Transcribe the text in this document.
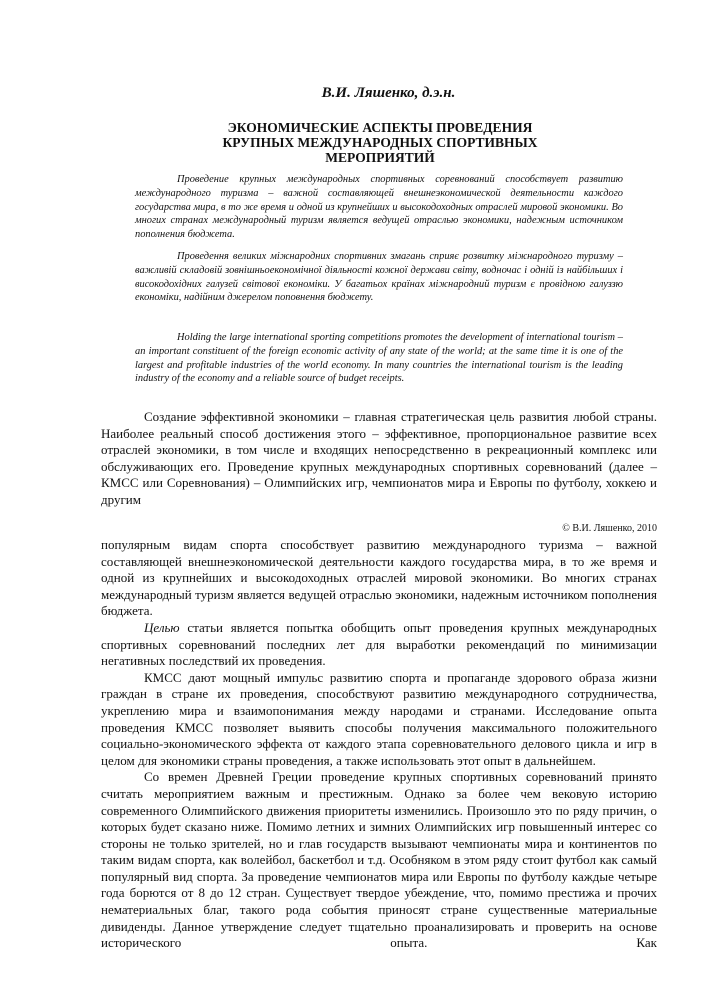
В.И. Ляшенко, д.э.н.
ЭКОНОМИЧЕСКИЕ АСПЕКТЫ ПРОВЕДЕНИЯ
КРУПНЫХ МЕЖДУНАРОДНЫХ СПОРТИВНЫХ
МЕРОПРИЯТИЙ

Проведение крупных международных спортивных соревнований способствует развитию международного туризма – важной составляющей внешнеэкономической деятельности каждого государства мира, в то же время и одной из крупнейших и высокодоходных отраслей мировой экономики. Во многих странах международный туризм является ведущей отраслью экономики, надежным источником пополнения бюджета.

Проведення великих міжнародних спортивних змагань сприяє розвитку міжнародного туризму – важливій складовій зовнішньоекономічної діяльності кожної держави світу, водночас і одній із найбільших і високодохідних галузей світової економіки. У багатьох країнах міжнародний туризм є провідною галуззю економіки, надійним джерелом поповнення бюджету.

Holding the large international sporting competitions promotes the development of international tourism – an important constituent of the foreign economic activity of any state of the world; at the same time it is one of the largest and profitable industries of the world economy. In many countries the international tourism is the leading industry of the economy and a reliable source of budget receipts.

Создание эффективной экономики – главная стратегическая цель развития любой страны. Наиболее реальный способ достижения этого – эффективное, пропорциональное развитие всех отраслей экономики, в том числе и входящих непосредственно в рекреационный комплекс или обслуживающих его. Проведение крупных международных спортивных соревнований (далее – КМСС или Соревнования) – Олимпийских игр, чемпионатов мира и Европы по футболу, хоккею и другим

© В.И. Ляшенко, 2010

популярным видам спорта способствует развитию международного туризма – важной составляющей внешнеэкономической деятельности каждого государства мира, в то же время и одной из крупнейших и высокодоходных отраслей мировой экономики. Во многих странах международный туризм является ведущей отраслью экономики, надежным источником пополнения бюджета.

Целью статьи является попытка обобщить опыт проведения крупных международных спортивных соревнований последних лет для выработки рекомендаций по минимизации негативных последствий их проведения.

КМСС дают мощный импульс развитию спорта и пропаганде здорового образа жизни граждан в стране их проведения, способствуют развитию международного сотрудничества, укреплению мира и взаимопонимания между народами и странами. Исследование опыта проведения КМСС позволяет выявить способы получения максимального положительного социально-экономического эффекта от каждого этапа соревновательного делового цикла и игр в целом для экономики страны проведения, а также использовать этот опыт в дальнейшем.

Со времен Древней Греции проведение крупных спортивных соревнований принято считать мероприятием важным и престижным. Однако за более чем вековую историю современного Олимпийского движения приоритеты изменились. Произошло это по ряду причин, о которых будет сказано ниже. Помимо летних и зимних Олимпийских игр повышенный интерес со стороны не только зрителей, но и глав государств вызывают чемпионаты мира и континентов по таким видам спорта, как волейбол, баскетбол и т.д. Особняком в этом ряду стоит футбол как самый популярный вид спорта. За проведение чемпионатов мира или Европы по футболу каждые четыре года борются от 8 до 12 стран. Существует твердое убеждение, что, помимо престижа и прочих нематериальных благ, такого рода события приносят стране существенные материальные дивиденды. Данное утверждение следует тщательно проанализировать и проверить на основе исторического опыта. Как
